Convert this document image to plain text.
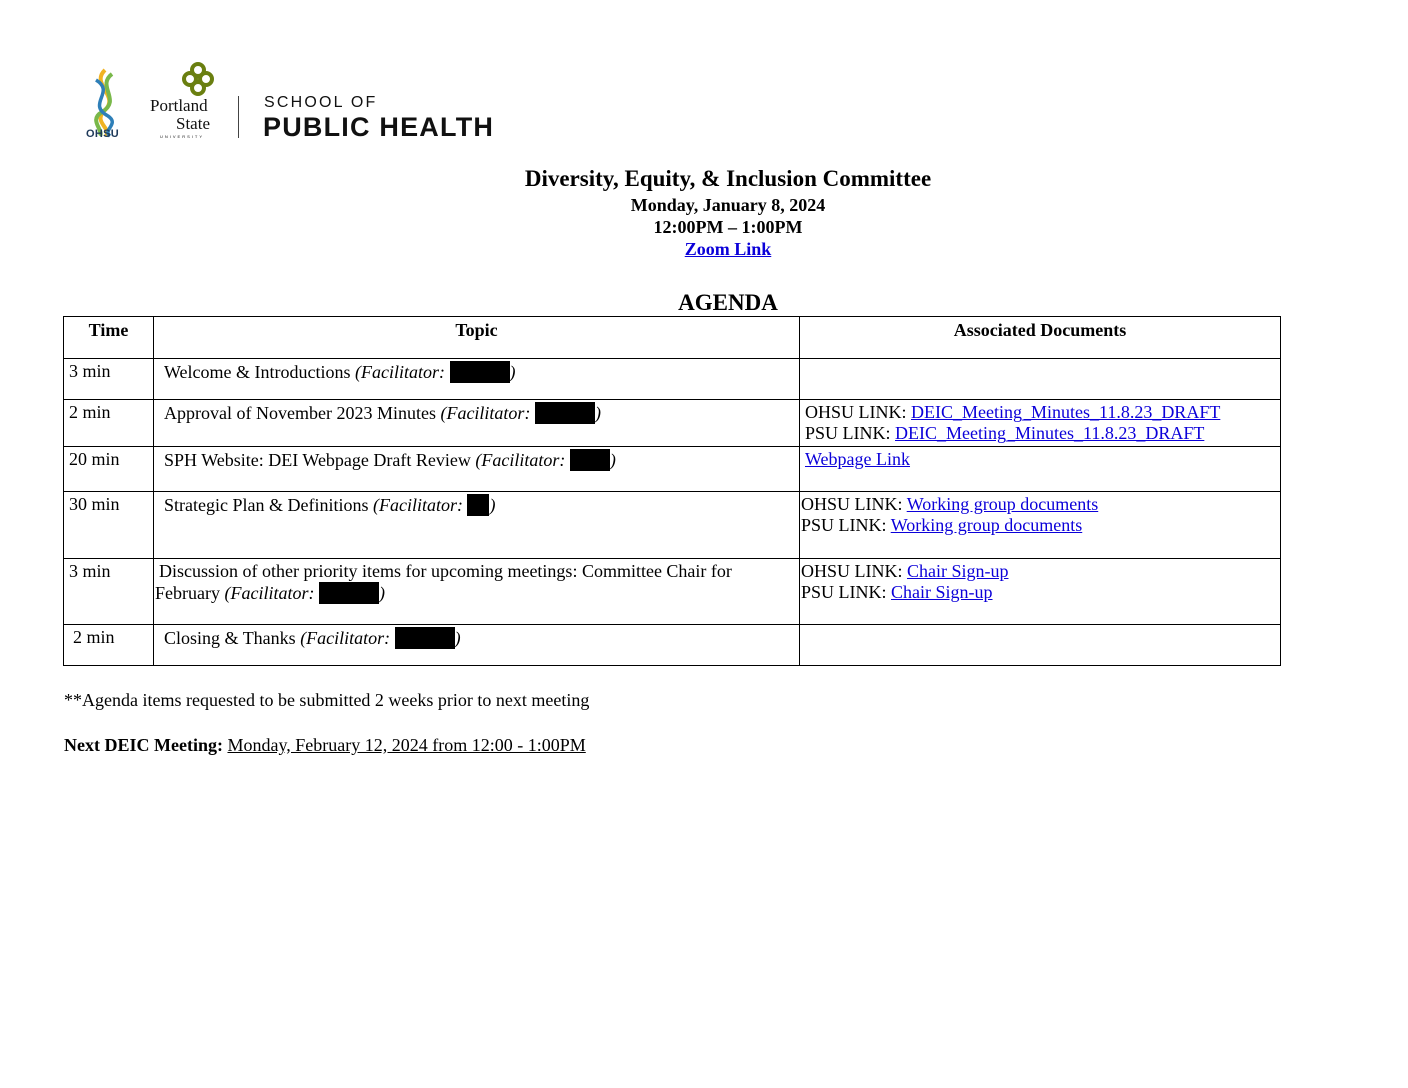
OHSU
Portland
State
UNIVERSITY
SCHOOL OF
PUBLIC HEALTH
Diversity, Equity, & Inclusion Committee
Monday, January 8, 2024
12:00PM – 1:00PM
Zoom Link
AGENDA
Time	Topic	Associated Documents
3 min	Welcome & Introductions (Facilitator: )	

2 min	Approval of November 2023 Minutes (Facilitator: )	OHSU LINK: DEIC_Meeting_Minutes_11.8.23_DRAFT
PSU LINK: DEIC_Meeting_Minutes_11.8.23_DRAFT

20 min	SPH Website: DEI Webpage Draft Review (Facilitator: )	Webpage Link

30 min	Strategic Plan & Definitions (Facilitator: )	OHSU LINK: Working group documents
PSU LINK: Working group documents

3 min	Discussion of other priority items for upcoming meetings: Committee Chair for February (Facilitator: )	OHSU LINK: Chair Sign-up
PSU LINK: Chair Sign-up

2 min	Closing & Thanks (Facilitator: )	

**Agenda items requested to be submitted 2 weeks prior to next meeting
Next DEIC Meeting: Monday, February 12, 2024 from 12:00 - 1:00PM
